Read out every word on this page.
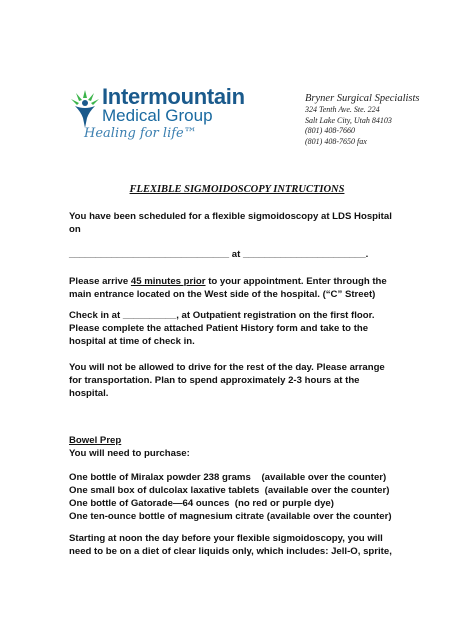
Intermountain
Medical Group
Healing for life™
Bryner Surgical Specialists
324 Tenth Ave. Ste. 224
Salt Lake City, Utah 84103
(801) 408-7660
(801) 408-7650 fax
FLEXIBLE SIGMOIDOSCOPY INTRUCTIONS

You have been scheduled for a flexible sigmoidoscopy at LDS Hospital

on

______________________________ at _______________________.

Please arrive 45 minutes prior to your appointment. Enter through the

main entrance located on the West side of the hospital. (“C” Street)

Check in at __________, at Outpatient registration on the first floor.

Please complete the attached Patient History form and take to the

hospital at time of check in.

You will not be allowed to drive for the rest of the day. Please arrange

for transportation. Plan to spend approximately 2-3 hours at the

hospital.

Bowel Prep

You will need to purchase:

One bottle of Miralax powder 238 grams    (available over the counter)

One small box of dulcolax laxative tablets  (available over the counter)

One bottle of Gatorade—64 ounces  (no red or purple dye)

One ten-ounce bottle of magnesium citrate (available over the counter)

Starting at noon the day before your flexible sigmoidoscopy, you will

need to be on a diet of clear liquids only, which includes: Jell-O, sprite,
